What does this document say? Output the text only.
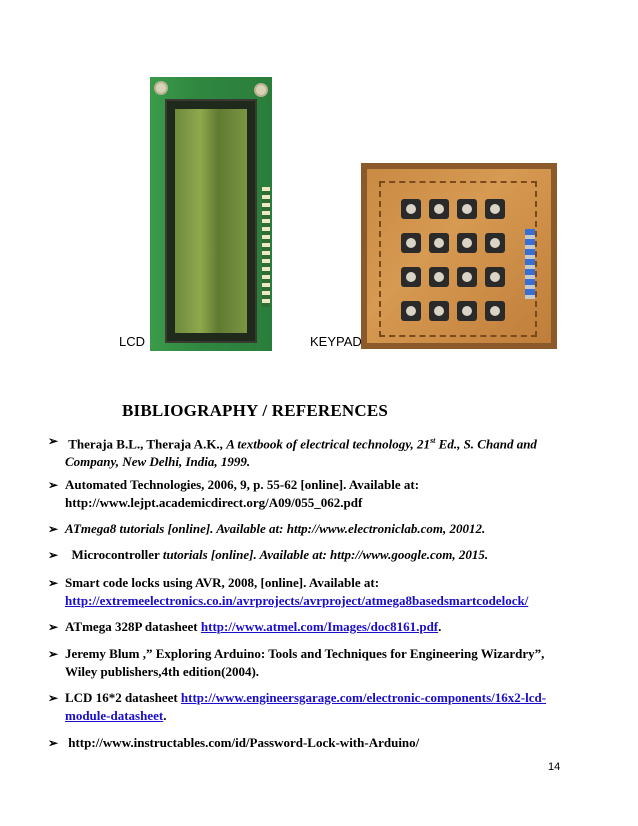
LCD	KEYPAD
BIBLIOGRAPHY / REFERENCES
➢ Theraja B.L., Theraja A.K., A textbook of electrical technology, 21st Ed., S. Chand and
Company, New Delhi, India, 1999.
➢ Automated Technologies, 2006, 9, p. 55-62 [online]. Available at:
http://www.lejpt.academicdirect.org/A09/055_062.pdf
➢ ATmega8 tutorials [online]. Available at: http://www.electroniclab.com, 20012.
➢	Microcontroller tutorials [online]. Available at: http://www.google.com, 2015.
➢ Smart code locks using AVR, 2008, [online]. Available at:
http://extremeelectronics.co.in/avrprojects/avrproject/atmega8basedsmartcodelock/
➢ ATmega 328P datasheet http://www.atmel.com/Images/doc8161.pdf.
➢ Jeremy Blum ,” Exploring Arduino: Tools and Techniques for Engineering Wizardry”,
Wiley publishers,4th edition(2004).
➢ LCD 16*2 datasheet http://www.engineersgarage.com/electronic-components/16x2-lcd-
module-datasheet.
➢ http://www.instructables.com/id/Password-Lock-with-Arduino/
14
